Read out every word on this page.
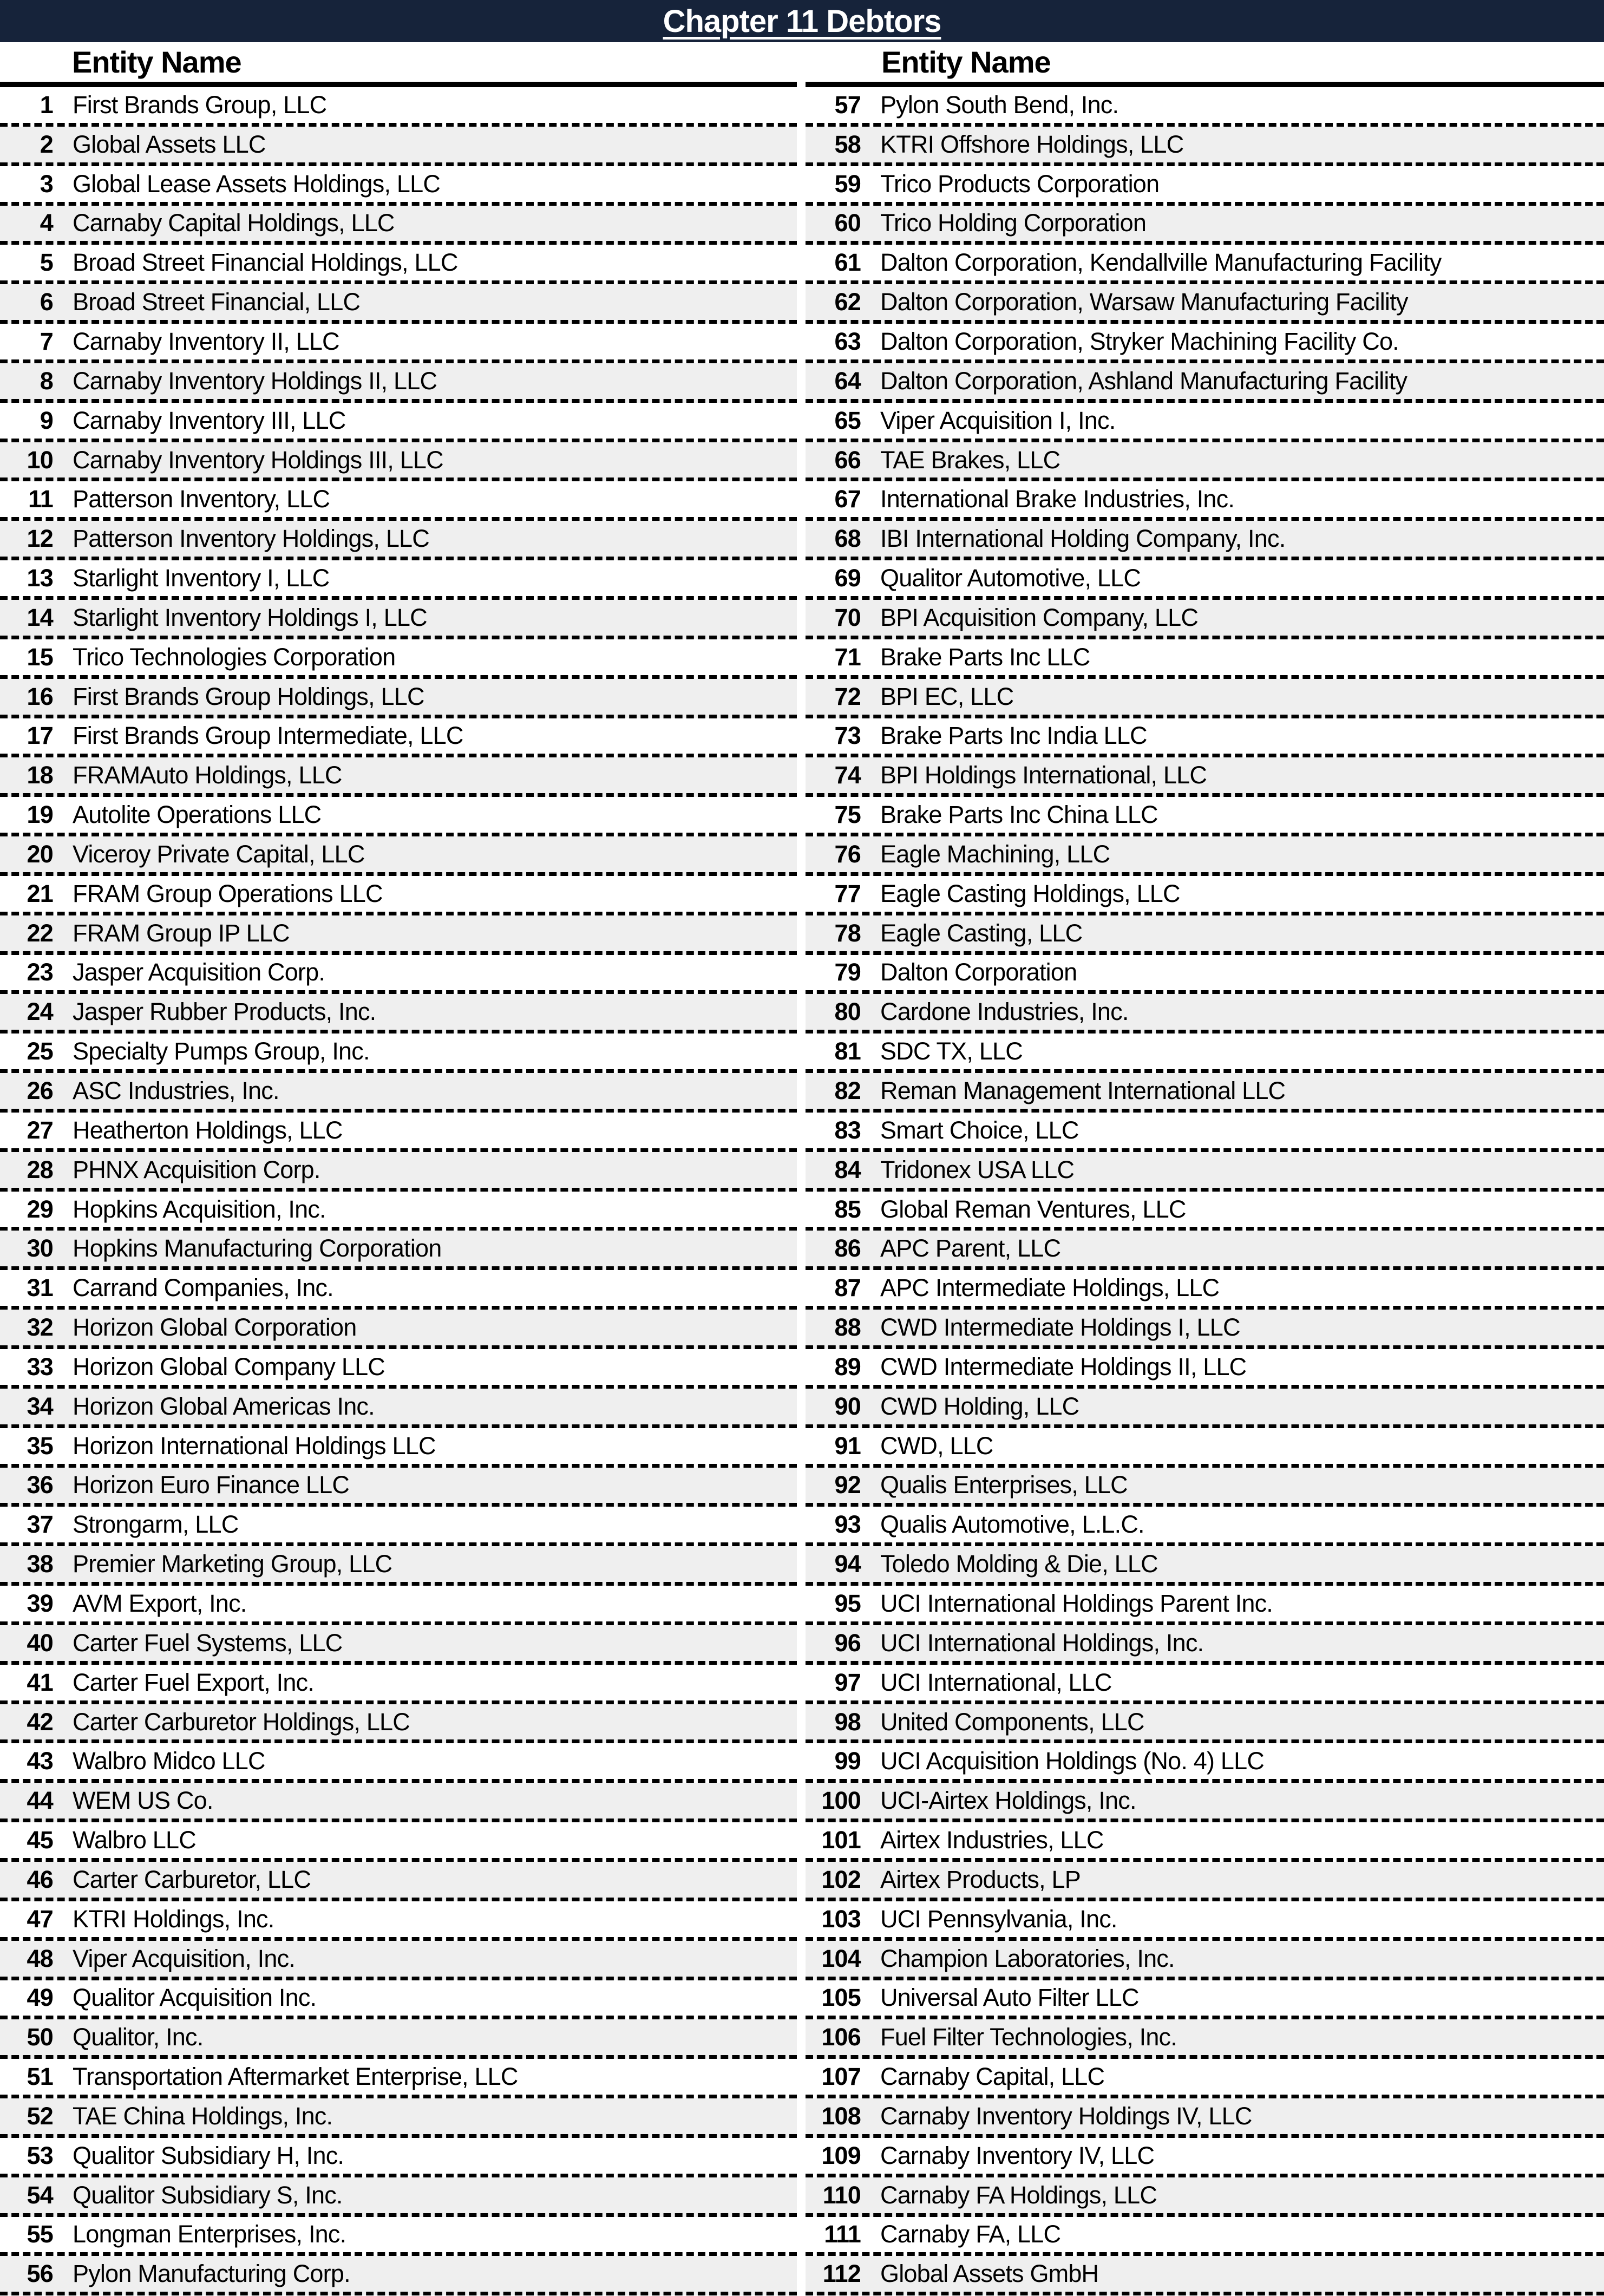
Chapter 11 Debtors
Entity Name
1 First Brands Group, LLC
2 Global Assets LLC
3 Global Lease Assets Holdings, LLC
4 Carnaby Capital Holdings, LLC
5 Broad Street Financial Holdings, LLC
6 Broad Street Financial, LLC
7 Carnaby Inventory II, LLC
8 Carnaby Inventory Holdings II, LLC
9 Carnaby Inventory III, LLC
10 Carnaby Inventory Holdings III, LLC
11 Patterson Inventory, LLC
12 Patterson Inventory Holdings, LLC
13 Starlight Inventory I, LLC
14 Starlight Inventory Holdings I, LLC
15 Trico Technologies Corporation
16 First Brands Group Holdings, LLC
17 First Brands Group Intermediate, LLC
18 FRAMAuto Holdings, LLC
19 Autolite Operations LLC
20 Viceroy Private Capital, LLC
21 FRAM Group Operations LLC
22 FRAM Group IP LLC
23 Jasper Acquisition Corp.
24 Jasper Rubber Products, Inc.
25 Specialty Pumps Group, Inc.
26 ASC Industries, Inc.
27 Heatherton Holdings, LLC
28 PHNX Acquisition Corp.
29 Hopkins Acquisition, Inc.
30 Hopkins Manufacturing Corporation
31 Carrand Companies, Inc.
32 Horizon Global Corporation
33 Horizon Global Company LLC
34 Horizon Global Americas Inc.
35 Horizon International Holdings LLC
36 Horizon Euro Finance LLC
37 Strongarm, LLC
38 Premier Marketing Group, LLC
39 AVM Export, Inc.
40 Carter Fuel Systems, LLC
41 Carter Fuel Export, Inc.
42 Carter Carburetor Holdings, LLC
43 Walbro Midco LLC
44 WEM US Co.
45 Walbro LLC
46 Carter Carburetor, LLC
47 KTRI Holdings, Inc.
48 Viper Acquisition, Inc.
49 Qualitor Acquisition Inc.
50 Qualitor, Inc.
51 Transportation Aftermarket Enterprise, LLC
52 TAE China Holdings, Inc.
53 Qualitor Subsidiary H, Inc.
54 Qualitor Subsidiary S, Inc.
55 Longman Enterprises, Inc.
56 Pylon Manufacturing Corp.
Entity Name
57 Pylon South Bend, Inc.
58 KTRI Offshore Holdings, LLC
59 Trico Products Corporation
60 Trico Holding Corporation
61 Dalton Corporation, Kendallville Manufacturing Facility
62 Dalton Corporation, Warsaw Manufacturing Facility
63 Dalton Corporation, Stryker Machining Facility Co.
64 Dalton Corporation, Ashland Manufacturing Facility
65 Viper Acquisition I, Inc.
66 TAE Brakes, LLC
67 International Brake Industries, Inc.
68 IBI International Holding Company, Inc.
69 Qualitor Automotive, LLC
70 BPI Acquisition Company, LLC
71 Brake Parts Inc LLC
72 BPI EC, LLC
73 Brake Parts Inc India LLC
74 BPI Holdings International, LLC
75 Brake Parts Inc China LLC
76 Eagle Machining, LLC
77 Eagle Casting Holdings, LLC
78 Eagle Casting, LLC
79 Dalton Corporation
80 Cardone Industries, Inc.
81 SDC TX, LLC
82 Reman Management International LLC
83 Smart Choice, LLC
84 Tridonex USA LLC
85 Global Reman Ventures, LLC
86 APC Parent, LLC
87 APC Intermediate Holdings, LLC
88 CWD Intermediate Holdings I, LLC
89 CWD Intermediate Holdings II, LLC
90 CWD Holding, LLC
91 CWD, LLC
92 Qualis Enterprises, LLC
93 Qualis Automotive, L.L.C.
94 Toledo Molding & Die, LLC
95 UCI International Holdings Parent Inc.
96 UCI International Holdings, Inc.
97 UCI International, LLC
98 United Components, LLC
99 UCI Acquisition Holdings (No. 4) LLC
100 UCI-Airtex Holdings, Inc.
101 Airtex Industries, LLC
102 Airtex Products, LP
103 UCI Pennsylvania, Inc.
104 Champion Laboratories, Inc.
105 Universal Auto Filter LLC
106 Fuel Filter Technologies, Inc.
107 Carnaby Capital, LLC
108 Carnaby Inventory Holdings IV, LLC
109 Carnaby Inventory IV, LLC
110 Carnaby FA Holdings, LLC
111 Carnaby FA, LLC
112 Global Assets GmbH
